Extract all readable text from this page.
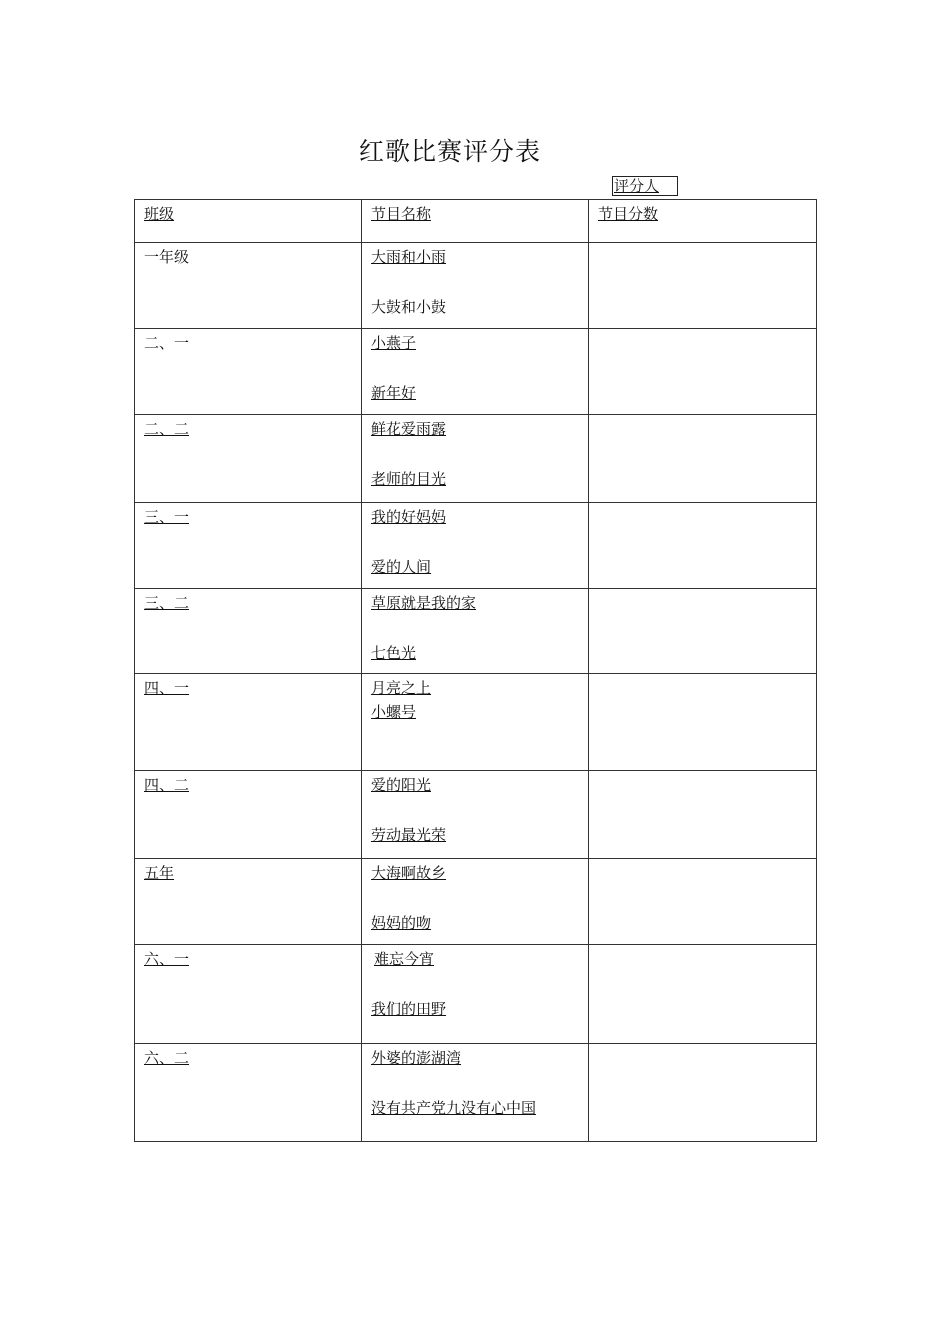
红歌比赛评分表
评分人
班级	节目名称	节目分数
一年级	大雨和小雨
大鼓和小鼓	

二、一	小燕子
新年好	

二、二	鲜花爱雨露
老师的目光	

三、一	我的好妈妈
爱的人间	

三、二	草原就是我的家
七色光	

四、一	月亮之上
小螺号	

四、二	爱的阳光
劳动最光荣	

五年	大海啊故乡
妈妈的吻	

六、一	难忘今宵
我们的田野	

六、二	外婆的澎湖湾
没有共产党九没有心中国	
